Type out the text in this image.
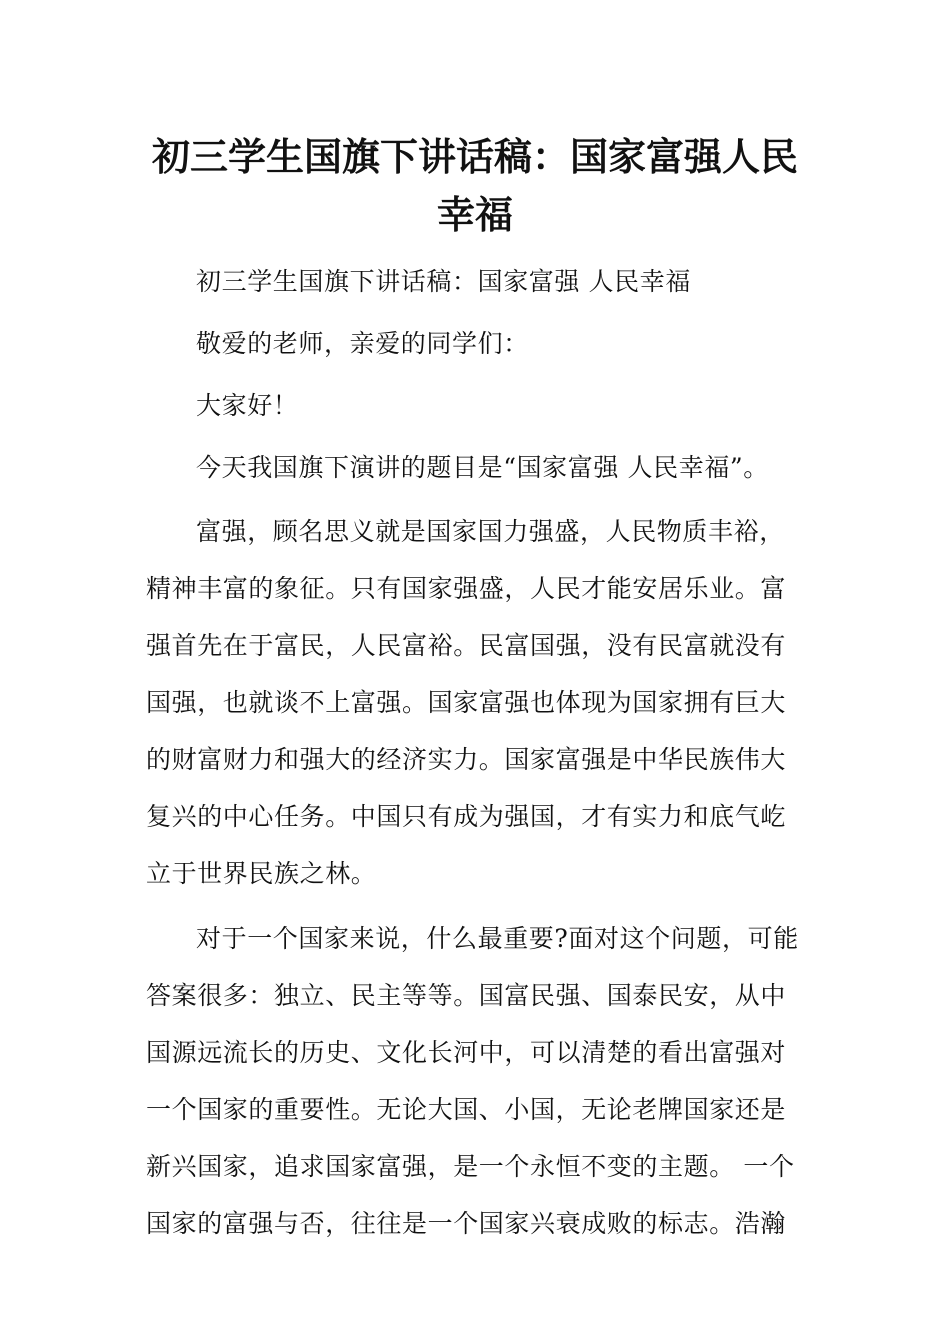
初三学生国旗下讲话稿：国家富强人民
幸福
初三学生国旗下讲话稿：国家富强 人民幸福
敬爱的老师，亲爱的同学们：
大家好！
今天我国旗下演讲的题目是“国家富强 人民幸福”。
富强，顾名思义就是国家国力强盛，人民物质丰裕，
精神丰富的象征。只有国家强盛，人民才能安居乐业。富
强首先在于富民，人民富裕。民富国强，没有民富就没有
国强，也就谈不上富强。国家富强也体现为国家拥有巨大
的财富财力和强大的经济实力。国家富强是中华民族伟大
复兴的中心任务。中国只有成为强国，才有实力和底气屹
立于世界民族之林。
对于一个国家来说，什么最重要?面对这个问题，可能
答案很多：独立、民主等等。国富民强、国泰民安，从中
国源远流长的历史、文化长河中，可以清楚的看出富强对
一个国家的重要性。无论大国、小国，无论老牌国家还是
新兴国家，追求国家富强，是一个永恒不变的主题。 一个
国家的富强与否，往往是一个国家兴衰成败的标志。浩瀚
